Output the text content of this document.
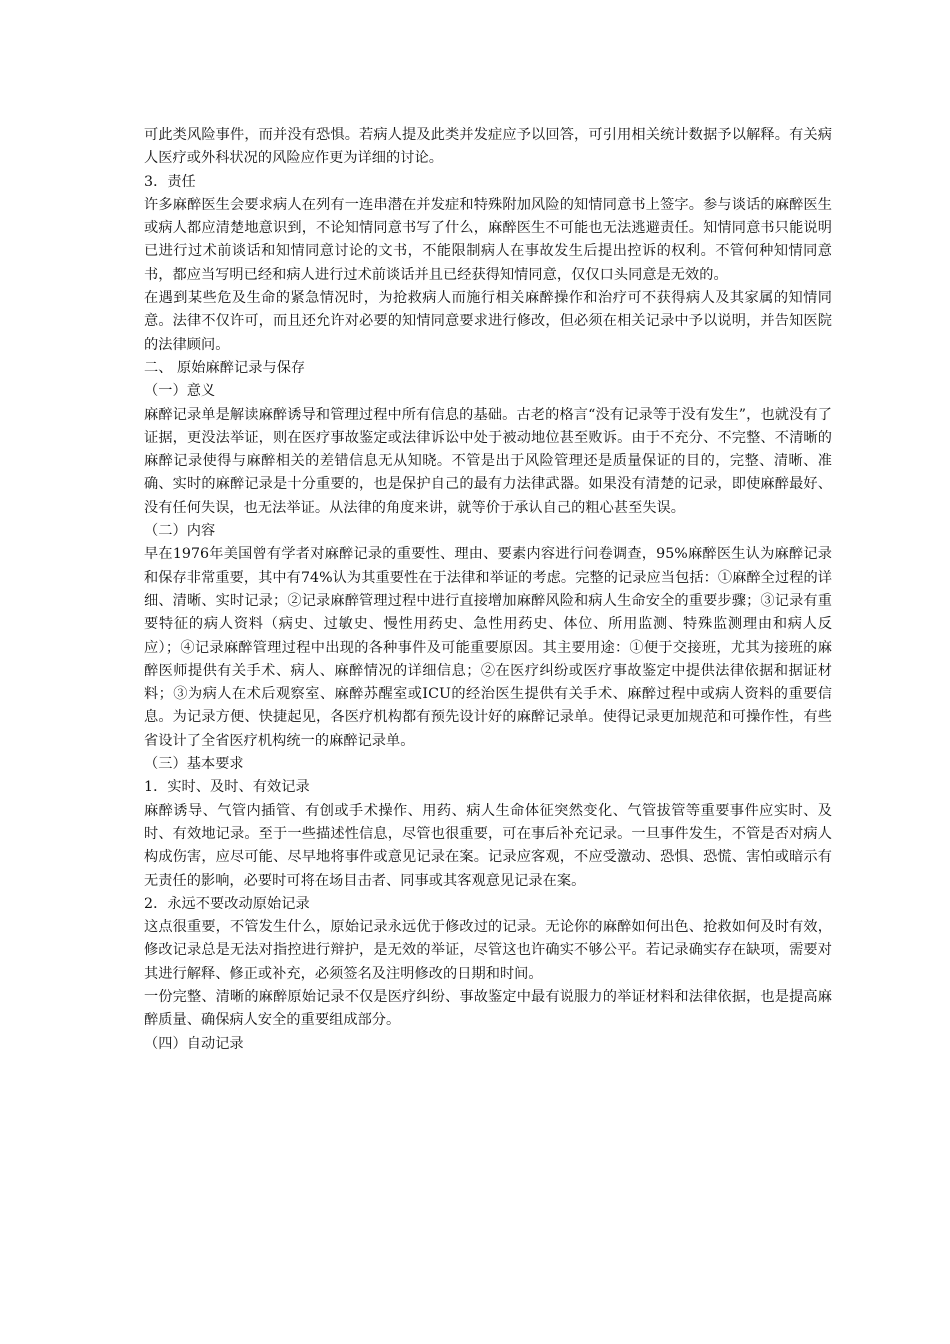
可此类风险事件，而并没有恐惧。若病人提及此类并发症应予以回答，可引用相关统计数据予以解释。有关病人医疗或外科状况的风险应作更为详细的讨论。

3．责任

许多麻醉医生会要求病人在列有一连串潜在并发症和特殊附加风险的知情同意书上签字。参与谈话的麻醉医生或病人都应清楚地意识到，不论知情同意书写了什么，麻醉医生不可能也无法逃避责任。知情同意书只能说明已进行过术前谈话和知情同意讨论的文书，不能限制病人在事故发生后提出控诉的权利。不管何种知情同意书，都应当写明已经和病人进行过术前谈话并且已经获得知情同意，仅仅口头同意是无效的。

在遇到某些危及生命的紧急情况时，为抢救病人而施行相关麻醉操作和治疗可不获得病人及其家属的知情同意。法律不仅许可，而且还允许对必要的知情同意要求进行修改，但必须在相关记录中予以说明，并告知医院的法律顾问。

二、 原始麻醉记录与保存

（一）意义

麻醉记录单是解读麻醉诱导和管理过程中所有信息的基础。古老的格言“没有记录等于没有发生”，也就没有了证据，更没法举证，则在医疗事故鉴定或法律诉讼中处于被动地位甚至败诉。由于不充分、不完整、不清晰的麻醉记录使得与麻醉相关的差错信息无从知晓。不管是出于风险管理还是质量保证的目的，完整、清晰、准确、实时的麻醉记录是十分重要的，也是保护自己的最有力法律武器。如果没有清楚的记录，即使麻醉最好、没有任何失误，也无法举证。从法律的角度来讲，就等价于承认自己的粗心甚至失误。

（二）内容

早在1976年美国曾有学者对麻醉记录的重要性、理由、要素内容进行问卷调查，95%麻醉医生认为麻醉记录和保存非常重要，其中有74%认为其重要性在于法律和举证的考虑。完整的记录应当包括：①麻醉全过程的详细、清晰、实时记录；②记录麻醉管理过程中进行直接增加麻醉风险和病人生命安全的重要步骤；③记录有重要特征的病人资料（病史、过敏史、慢性用药史、急性用药史、体位、所用监测、特殊监测理由和病人反应）；④记录麻醉管理过程中出现的各种事件及可能重要原因。其主要用途：①便于交接班，尤其为接班的麻醉医师提供有关手术、病人、麻醉情况的详细信息；②在医疗纠纷或医疗事故鉴定中提供法律依据和据证材料；③为病人在术后观察室、麻醉苏醒室或ICU的经治医生提供有关手术、麻醉过程中或病人资料的重要信息。为记录方便、快捷起见，各医疗机构都有预先设计好的麻醉记录单。使得记录更加规范和可操作性，有些省设计了全省医疗机构统一的麻醉记录单。

（三）基本要求

1．实时、及时、有效记录

麻醉诱导、气管内插管、有创或手术操作、用药、病人生命体征突然变化、气管拔管等重要事件应实时、及时、有效地记录。至于一些描述性信息，尽管也很重要，可在事后补充记录。一旦事件发生，不管是否对病人构成伤害，应尽可能、尽早地将事件或意见记录在案。记录应客观，不应受激动、恐惧、恐慌、害怕或暗示有无责任的影响，必要时可将在场目击者、同事或其客观意见记录在案。

2．永远不要改动原始记录

这点很重要，不管发生什么，原始记录永远优于修改过的记录。无论你的麻醉如何出色、抢救如何及时有效，修改记录总是无法对指控进行辩护，是无效的举证，尽管这也许确实不够公平。若记录确实存在缺项，需要对其进行解释、修正或补充，必须签名及注明修改的日期和时间。

一份完整、清晰的麻醉原始记录不仅是医疗纠纷、事故鉴定中最有说服力的举证材料和法律依据，也是提高麻醉质量、确保病人安全的重要组成部分。

（四）自动记录
